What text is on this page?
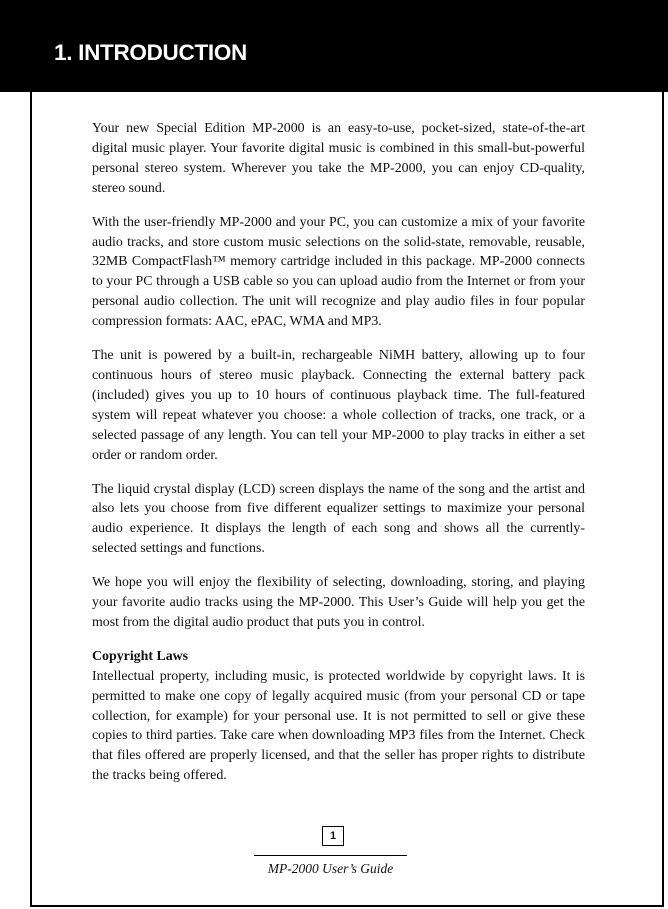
1. INTRODUCTION

Your new Special Edition MP-2000 is an easy-to-use, pocket-sized, state-of-the-art digital music player. Your favorite digital music is combined in this small-but-powerful personal stereo system. Wherever you take the MP-2000, you can enjoy CD-quality, stereo sound.

With the user-friendly MP-2000 and your PC, you can customize a mix of your favorite audio tracks, and store custom music selections on the solid-state, removable, reusable, 32MB CompactFlash™ memory cartridge included in this package. MP-2000 connects to your PC through a USB cable so you can upload audio from the Internet or from your personal audio collection. The unit will recognize and play audio files in four popular compression formats: AAC, ePAC, WMA and MP3.

The unit is powered by a built-in, rechargeable NiMH battery, allowing up to four continuous hours of stereo music playback. Connecting the external battery pack (included) gives you up to 10 hours of continuous playback time. The full-featured system will repeat whatever you choose: a whole collection of tracks, one track, or a selected passage of any length. You can tell your MP-2000 to play tracks in either a set order or random order.

The liquid crystal display (LCD) screen displays the name of the song and the artist and also lets you choose from five different equalizer settings to maximize your personal audio experience. It displays the length of each song and shows all the currently-selected settings and functions.

We hope you will enjoy the flexibility of selecting, downloading, storing, and playing your favorite audio tracks using the MP-2000. This User’s Guide will help you get the most from the digital audio product that puts you in control.

Copyright Laws
Intellectual property, including music, is protected worldwide by copyright laws. It is permitted to make one copy of legally acquired music (from your personal CD or tape collection, for example) for your personal use. It is not permitted to sell or give these copies to third parties. Take care when downloading MP3 files from the Internet. Check that files offered are properly licensed, and that the seller has proper rights to distribute the tracks being offered.

1
MP-2000 User’s Guide
